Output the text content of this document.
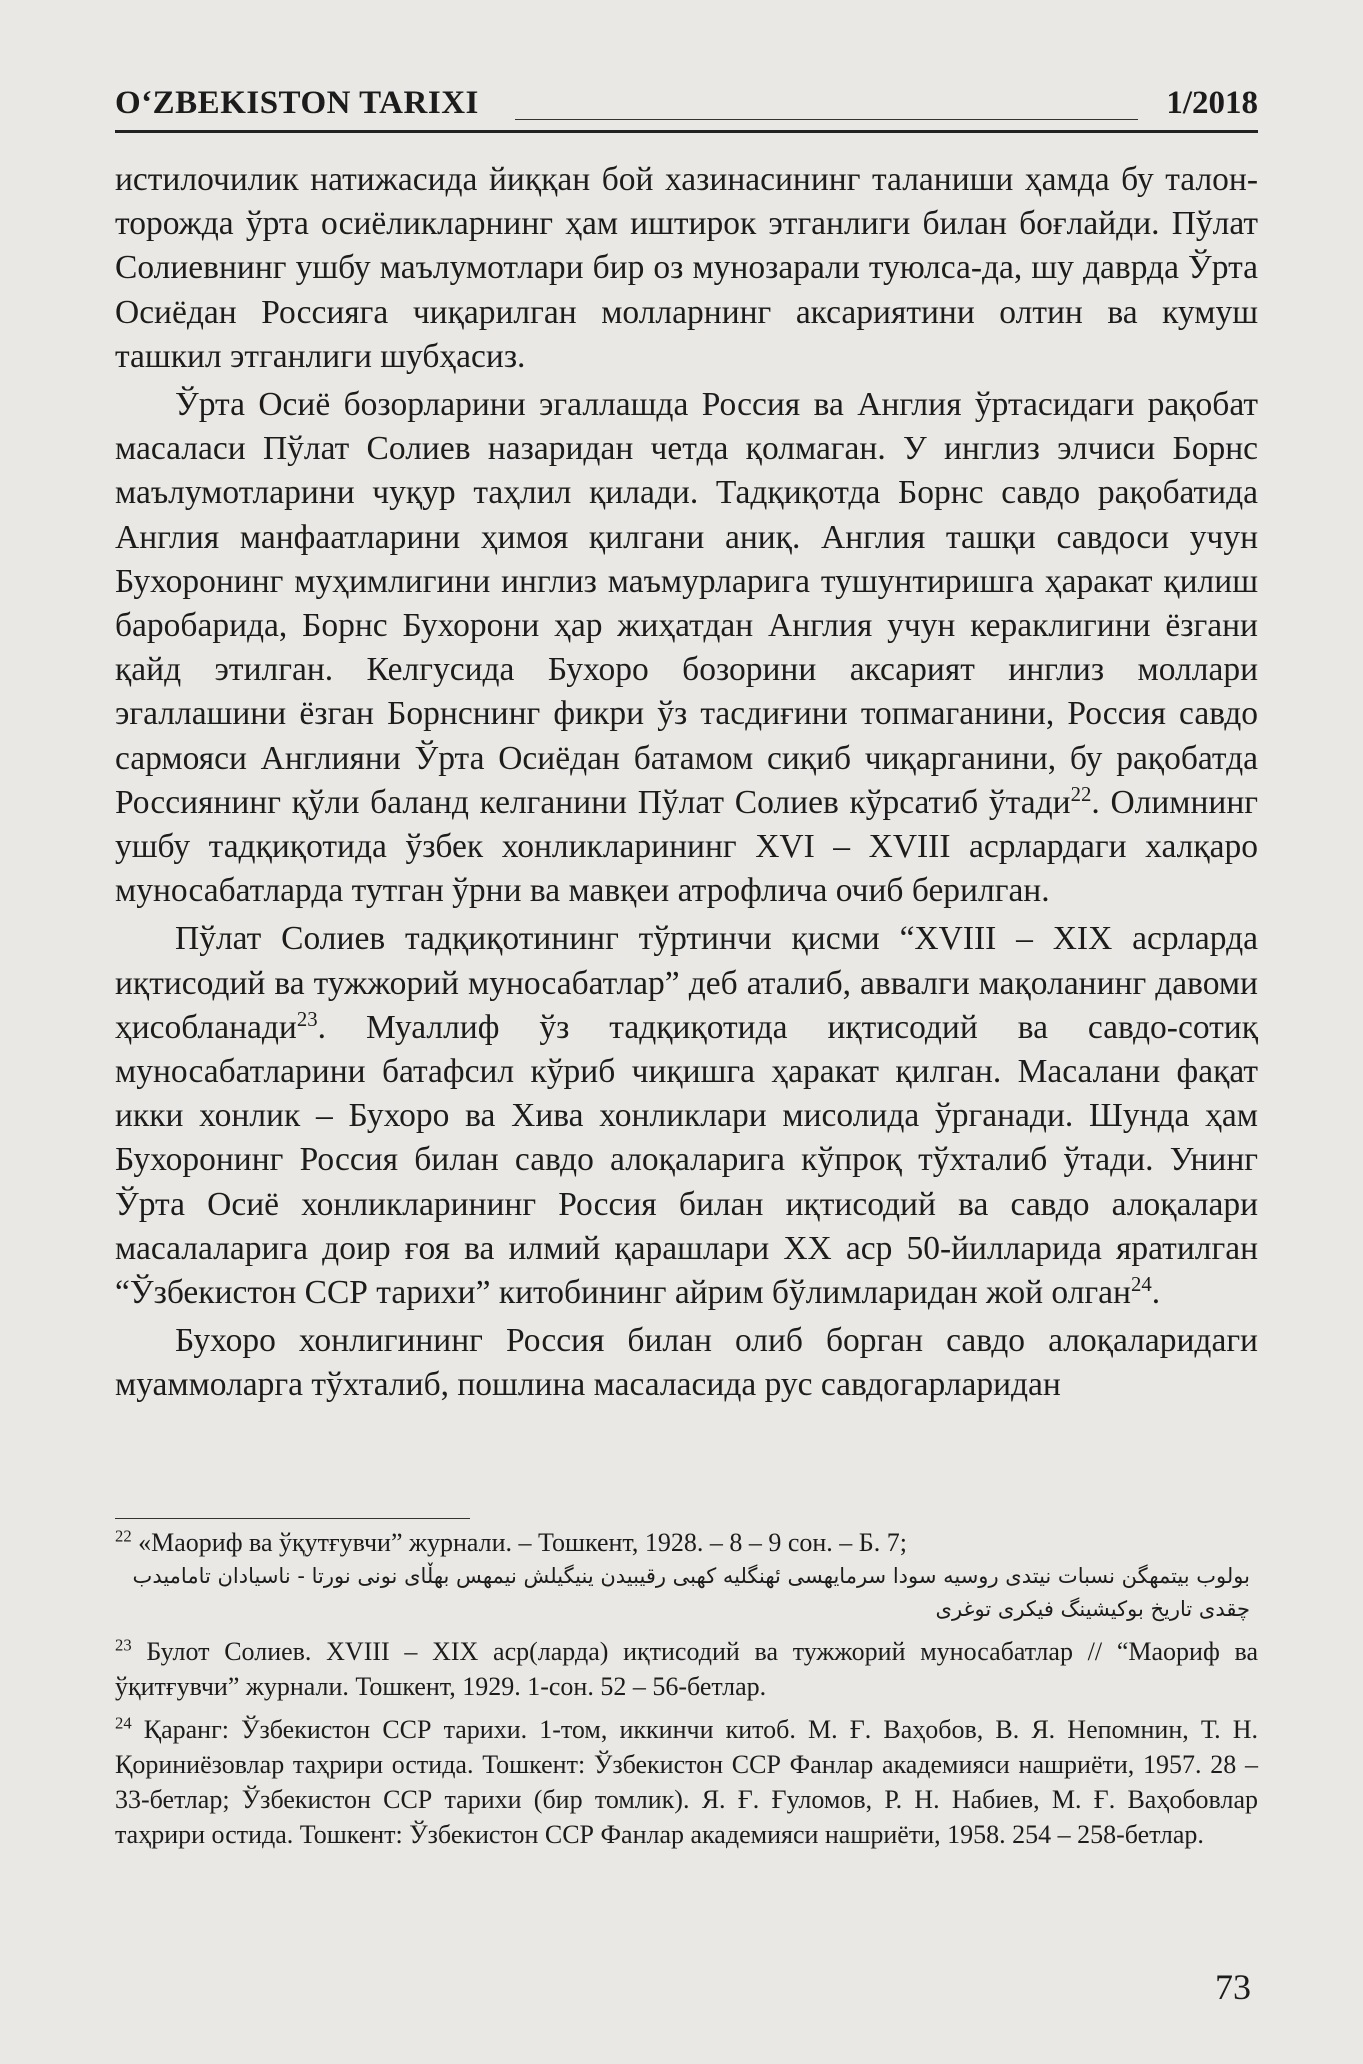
O‘ZBEKISTON TARIXI	1/2018

истилочилик натижасида йиққан бой хазинасининг таланиши ҳамда бу талон-торожда ўрта осиёликларнинг ҳам иштирок этганлиги билан боғлайди. Пўлат Солиевнинг ушбу маълумотлари бир оз мунозарали туюлса-да, шу даврда Ўрта Осиёдан Россияга чиқарилган молларнинг аксариятини олтин ва кумуш ташкил этганлиги шубҳасиз.

Ўрта Осиё бозорларини эгаллашда Россия ва Англия ўртасидаги рақобат масаласи Пўлат Солиев назаридан четда қолмаган. У инглиз элчиси Борнс маълумотларини чуқур таҳлил қилади. Тадқиқотда Борнс савдо рақобатида Англия манфаатларини ҳимоя қилгани аниқ. Англия ташқи савдоси учун Бухоронинг муҳимлигини инглиз маъмурларига тушунтиришга ҳаракат қилиш баробарида, Борнс Бухорони ҳар жиҳатдан Англия учун кераклигини ёзгани қайд этилган. Келгусида Бухоро бозорини аксарият инглиз моллари эгаллашини ёзган Борнснинг фикри ўз тасдиғини топмаганини, Россия савдо сармояси Англияни Ўрта Осиёдан батамом сиқиб чиқарганини, бу рақобатда Россиянинг қўли баланд келганини Пўлат Солиев кўрсатиб ўтади$^{22}$. Олимнинг ушбу тадқиқотида ўзбек хонликларининг XVI – XVIII асрлардаги халқаро муносабатларда тутган ўрни ва мавқеи атрофлича очиб берилган.

Пўлат Солиев тадқиқотининг тўртинчи қисми “XVIII – XIX асрларда иқтисодий ва тужжорий муносабатлар” деб аталиб, аввалги мақоланинг давоми ҳисобланади$^{23}$. Муаллиф ўз тадқиқотида иқтисодий ва савдо-сотиқ муносабатларини батафсил кўриб чиқишга ҳаракат қилган. Масалани фақат икки хонлик – Бухоро ва Хива хонликлари мисолида ўрганади. Шунда ҳам Бухоронинг Россия билан савдо алоқаларига кўпроқ тўхталиб ўтади. Унинг Ўрта Осиё хонликларининг Россия билан иқтисодий ва савдо алоқалари масалаларига доир ғоя ва илмий қарашлари XX аср 50-йилларида яратилган “Ўзбекистон ССР тарихи” китобининг айрим бўлимларидан жой олган$^{24}$.

Бухоро хонлигининг Россия билан олиб борган савдо алоқаларидаги муаммоларга тўхталиб, пошлина масаласида рус савдогарларидан

$^{22}$ «Маориф ва ўқутғувчи” журнали. – Тошкент, 1928. – 8 – 9 сон. – Б. 7;
بولوب بیتمهگن نسبات نیتدی روسیه سودا سرمایهسی ئهنگلیه کهبی رقیبیدن ینیگیلش نیمهس بهڵای نونی نورتا - ناسیادان تامامیدب چقدی تاریخ بوکیشینگ فیکری توغری
$^{23}$ Булот Солиев. XVIII – XIX аср(ларда) иқтисодий ва тужжорий муносабатлар // “Маориф ва ўқитғувчи” журнали. Тошкент, 1929. 1-сон. 52 – 56-бетлар.
$^{24}$ Қаранг: Ўзбекистон ССР тарихи. 1-том, иккинчи китоб. М. Ғ. Ваҳобов, В. Я. Непомнин, Т. Н. Қориниёзовлар таҳрири остида. Тошкент: Ўзбекистон ССР Фанлар академияси нашриёти, 1957. 28 – 33-бетлар; Ўзбекистон ССР тарихи (бир томлик). Я. Ғ. Ғуломов, Р. Н. Набиев, М. Ғ. Ваҳобовлар таҳрири остида. Тошкент: Ўзбекистон ССР Фанлар академияси нашриёти, 1958. 254 – 258-бетлар.
73
